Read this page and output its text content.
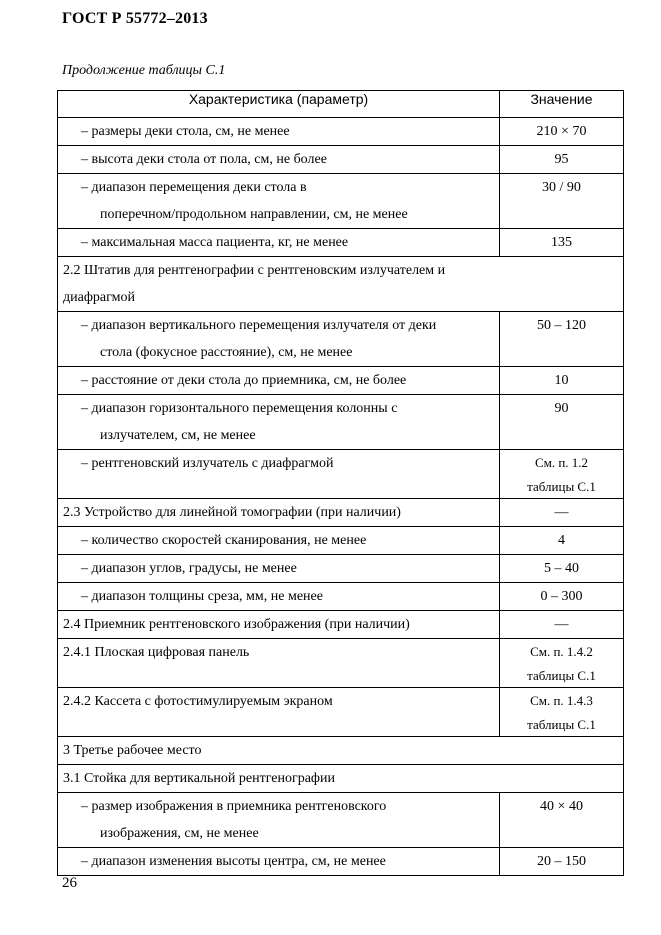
ГОСТ Р 55772–2013
Продолжение таблицы С.1
Характеристика (параметр)	Значение

– размеры деки стола, см, не менее	210 × 70

– высота деки стола от пола, см, не более	95

– диапазон перемещения деки стола в
поперечном/продольном направлении, см, не менее	30 / 90

– максимальная масса пациента, кг, не менее	135

2.2 Штатив для рентгенографии с рентгеновским излучателем и
диафрагмой	

– диапазон вертикального перемещения излучателя от деки
стола (фокусное расстояние), см, не менее	50 – 120

– расстояние от деки стола до приемника, см, не более	10

– диапазон горизонтального перемещения колонны с
излучателем, см, не менее	90

– рентгеновский излучатель с диафрагмой	См. п. 1.2
таблицы С.1

2.3 Устройство для линейной томографии (при наличии)	—

– количество скоростей сканирования, не менее	4

– диапазон углов, градусы, не менее	5 – 40

– диапазон толщины среза, мм, не менее	0 – 300

2.4 Приемник рентгеновского изображения (при наличии)	—

2.4.1 Плоская цифровая панель	См. п. 1.4.2
таблицы С.1

2.4.2 Кассета с фотостимулируемым экраном	См. п. 1.4.3
таблицы С.1

3 Третье рабочее место	

3.1 Стойка для вертикальной рентгенографии	

– размер изображения в приемника рентгеновского
изображения, см, не менее	40 × 40

– диапазон изменения высоты центра, см, не менее	20 – 150
26
